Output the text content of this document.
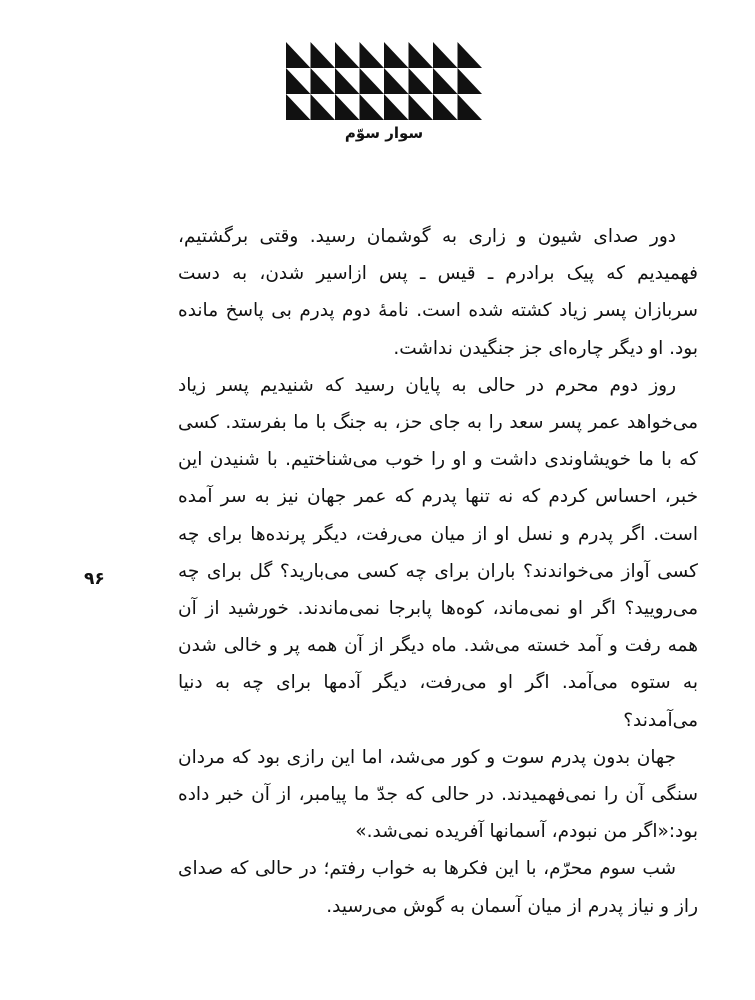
سوار سوّم

دور صدای شیون و زاری به گوشمان رسید. وقتی برگشتیم، فهمیدیم که پیک برادرم ـ قیس ـ پس ازاسیر شدن، به دست سربازان پسر زیاد کشته شده است. نامهٔ دوم پدرم بی پاسخ مانده بود. او دیگر چاره‌ای جز جنگیدن نداشت.

روز دوم محرم در حالی به پایان رسید که شنیدیم پسر زیاد می‌خواهد عمر پسر سعد را به جای حز، به جنگ با ما بفرستد. کسی که با ما خویشاوندی داشت و او را خوب می‌شناختیم. با شنیدن این خبر، احساس کردم که نه تنها پدرم که عمر جهان نیز به سر آمده است. اگر پدرم و نسل او از میان می‌رفت، دیگر پرنده‌ها برای چه کسی آواز می‌خواندند؟ باران برای چه کسی می‌بارید؟ گل برای چه می‌رویید؟ اگر او نمی‌ماند، کوه‌ها پابرجا نمی‌ماندند. خورشید از آن همه رفت و آمد خسته می‌شد. ماه دیگر از آن همه پر و خالی شدن به ستوه می‌آمد. اگر او می‌رفت، دیگر آدمها برای چه به دنیا می‌آمدند؟

جهان بدون پدرم سوت و کور می‌شد، اما این رازی بود که مردان سنگی آن را نمی‌فهمیدند. در حالی که جدّ ما پیامبر، از آن خبر داده بود:«اگر من نبودم، آسمانها آفریده نمی‌شد.»

شب سوم محرّم، با این فکرها به خواب رفتم؛ در حالی که صدای راز و نیاز پدرم از میان آسمان به گوش می‌رسید.

۹۶
